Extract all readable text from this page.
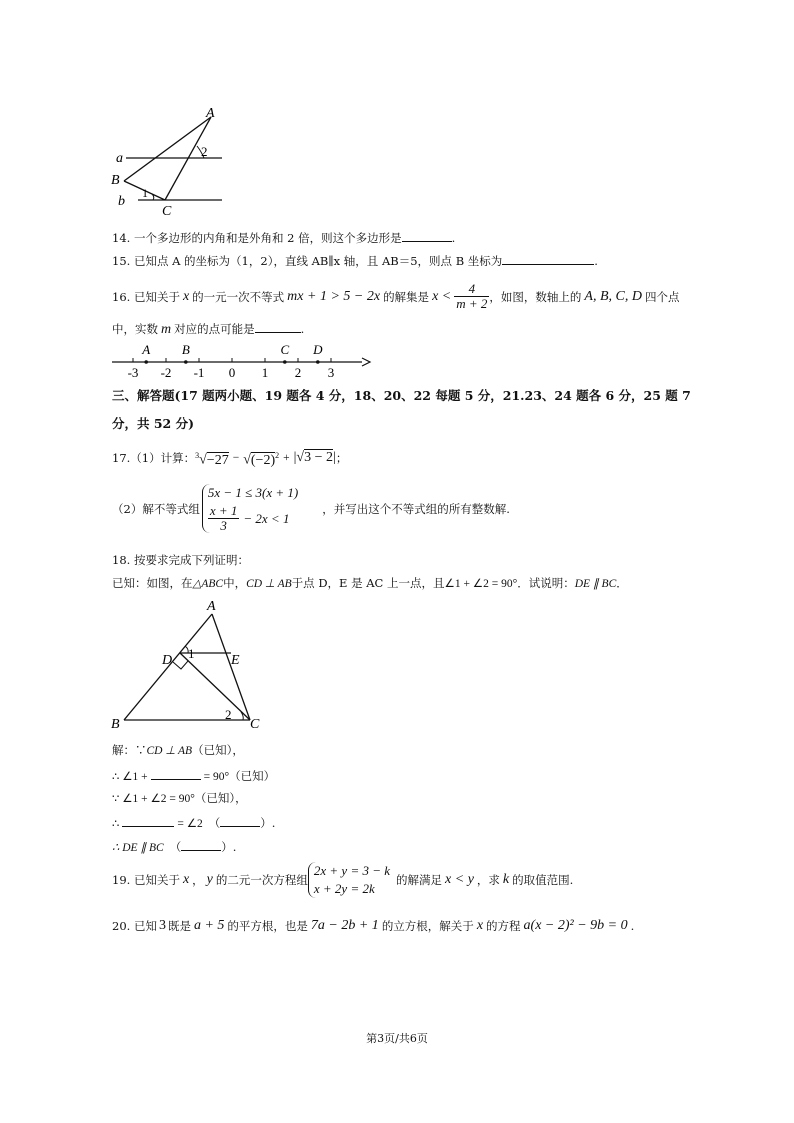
A
a
B
b
C
1
2
14. 一个多边形的内角和是外角和 2 倍，则这个多边形是	.
15. 已知点 A 的坐标为（1，2），直线 AB∥x 轴，且 AB＝5，则点 B 坐标为	.
16. 已知关于 x 的一元一次不等式 mx + 1 > 5 − 2x 的解集是 $x < \frac{4}{m + 2}$ ，如图，数轴上的 A, B, C, D 四个点
中，实数 m 对应的点可能是	.
-3 -2 -1 0 1 2 3
A B	C D
三、解答题(17 题两小题、19 题各 4 分，18、20、22 每题 5 分，21.23、24 题各 6 分，25 题 7
分，共 52 分)
17.（1）计算： $^3√-27 - √(-2)^2 + |√3 - 2|$ ；
（2）解不等式组
5x − 1 ≤ 3(x + 1)
$\frac{x + 1}{3} - 2x < 1$
，并写出这个不等式组的所有整数解.
18. 按要求完成下列证明：
已知：如图，在△ABC中，CD ⊥ AB于点 D，E 是 AC 上一点，且∠1 + ∠2 = 90°．试说明：DE ∥ BC．
A
D	E
B	C
1
2
解：∵CD ⊥ AB（已知），
∴ ∠1 +	= 90°（已知）
∵ ∠1 + ∠2 = 90°（已知），
∴	= ∠2 （	）.
∴ DE ∥ BC （	）.
19. 已知关于 x ， y 的二元一次方程组
2x + y = 3 − k
x + 2y = 2k
的解满足 x < y ，求 k 的取值范围.
20. 已知 3 既是 a + 5 的平方根，也是 7a − 2b + 1 的立方根，解关于 x 的方程 a(x − 2)² − 9b = 0 .
第3页/共6页
